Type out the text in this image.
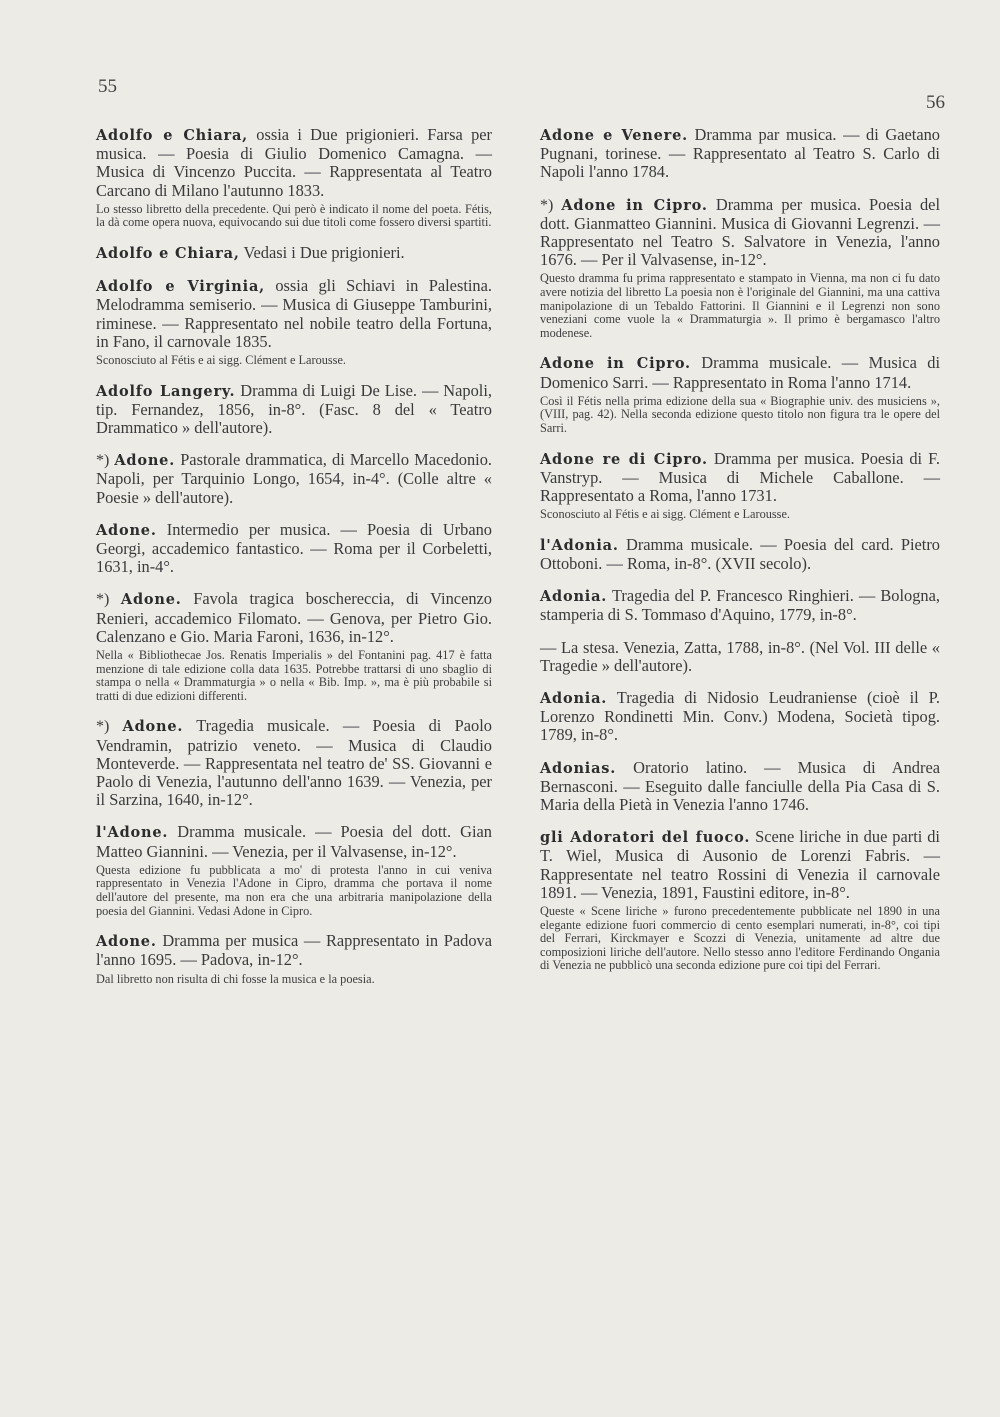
55
56
Adolfo e Chiara, ossia i Due prigionieri. Farsa per musica. — Poesia di Giulio Domenico Camagna. — Musica di Vincenzo Puccita. — Rappresentata al Teatro Carcano di Milano l'autunno 1833.
Lo stesso libretto della precedente. Qui però è indicato il nome del poeta. Fétis, la dà come opera nuova, equivocando sui due titoli come fossero diversi spartiti.
Adolfo e Chiara, Vedasi i Due prigionieri.
Adolfo e Virginia, ossia gli Schiavi in Palestina. Melodramma semiserio. — Musica di Giuseppe Tamburini, riminese. — Rappresentato nel nobile teatro della Fortuna, in Fano, il carnovale 1835.
Sconosciuto al Fétis e ai sigg. Clément e Larousse.
Adolfo Langery. Dramma di Luigi De Lise. — Napoli, tip. Fernandez, 1856, in-8°. (Fasc. 8 del « Teatro Drammatico » dell'autore).
*) Adone. Pastorale drammatica, di Marcello Macedonio. Napoli, per Tarquinio Longo, 1654, in-4°. (Colle altre « Poesie » dell'autore).
Adone. Intermedio per musica. — Poesia di Urbano Georgi, accademico fantastico. — Roma per il Corbeletti, 1631, in-4°.
*) Adone. Favola tragica boschereccia, di Vincenzo Renieri, accademico Filomato. — Genova, per Pietro Gio. Calenzano e Gio. Maria Faroni, 1636, in-12°.
Nella « Bibliothecae Jos. Renatis Imperialis » del Fontanini pag. 417 è fatta menzione di tale edizione colla data 1635. Potrebbe trattarsi di uno sbaglio di stampa o nella « Drammaturgia » o nella « Bib. Imp. », ma è più probabile si tratti di due edizioni differenti.
*) Adone. Tragedia musicale. — Poesia di Paolo Vendramin, patrizio veneto. — Musica di Claudio Monteverde. — Rappresentata nel teatro de' SS. Giovanni e Paolo di Venezia, l'autunno dell'anno 1639. — Venezia, per il Sarzina, 1640, in-12°.
l'Adone. Dramma musicale. — Poesia del dott. Gian Matteo Giannini. — Venezia, per il Valvasense, in-12°.
Questa edizione fu pubblicata a mo' di protesta l'anno in cui veniva rappresentato in Venezia l'Adone in Cipro, dramma che portava il nome dell'autore del presente, ma non era che una arbitraria manipolazione della poesia del Giannini. Vedasi Adone in Cipro.
Adone. Dramma per musica — Rappresentato in Padova l'anno 1695. — Padova, in-12°.
Dal libretto non risulta di chi fosse la musica e la poesia.
Adone e Venere. Dramma par musica. — di Gaetano Pugnani, torinese. — Rappresentato al Teatro S. Carlo di Napoli l'anno 1784.
*) Adone in Cipro. Dramma per musica. Poesia del dott. Gianmatteo Giannini. Musica di Giovanni Legrenzi. — Rappresentato nel Teatro S. Salvatore in Venezia, l'anno 1676. — Per il Valvasense, in-12°.
Questo dramma fu prima rappresentato e stampato in Vienna, ma non ci fu dato avere notizia del libretto La poesia non è l'originale del Giannini, ma una cattiva manipolazione di un Tebaldo Fattorini. Il Giannini e il Legrenzi non sono veneziani come vuole la « Drammaturgia ». Il primo è bergamasco l'altro modenese.
Adone in Cipro. Dramma musicale. — Musica di Domenico Sarri. — Rappresentato in Roma l'anno 1714.
Così il Fétis nella prima edizione della sua « Biographie univ. des musiciens », (VIII, pag. 42). Nella seconda edizione questo titolo non figura tra le opere del Sarri.
Adone re di Cipro. Dramma per musica. Poesia di F. Vanstryp. — Musica di Michele Caballone. — Rappresentato a Roma, l'anno 1731.
Sconosciuto al Fétis e ai sigg. Clément e Larousse.
l'Adonia. Dramma musicale. — Poesia del card. Pietro Ottoboni. — Roma, in-8°. (XVII secolo).
Adonia. Tragedia del P. Francesco Ringhieri. — Bologna, stamperia di S. Tommaso d'Aquino, 1779, in-8°.
— La stesa. Venezia, Zatta, 1788, in-8°. (Nel Vol. III delle « Tragedie » dell'autore).
Adonia. Tragedia di Nidosio Leudraniense (cioè il P. Lorenzo Rondinetti Min. Conv.) Modena, Società tipog. 1789, in-8°.
Adonias. Oratorio latino. — Musica di Andrea Bernasconi. — Eseguito dalle fanciulle della Pia Casa di S. Maria della Pietà in Venezia l'anno 1746.
gli Adoratori del fuoco. Scene liriche in due parti di T. Wiel, Musica di Ausonio de Lorenzi Fabris. — Rappresentate nel teatro Rossini di Venezia il carnovale 1891. — Venezia, 1891, Faustini editore, in-8°.
Queste « Scene liriche » furono precedentemente pubblicate nel 1890 in una elegante edizione fuori commercio di cento esemplari numerati, in-8°, coi tipi del Ferrari, Kirckmayer e Scozzi di Venezia, unitamente ad altre due composizioni liriche dell'autore. Nello stesso anno l'editore Ferdinando Ongania di Venezia ne pubblicò una seconda edizione pure coi tipi del Ferrari.
